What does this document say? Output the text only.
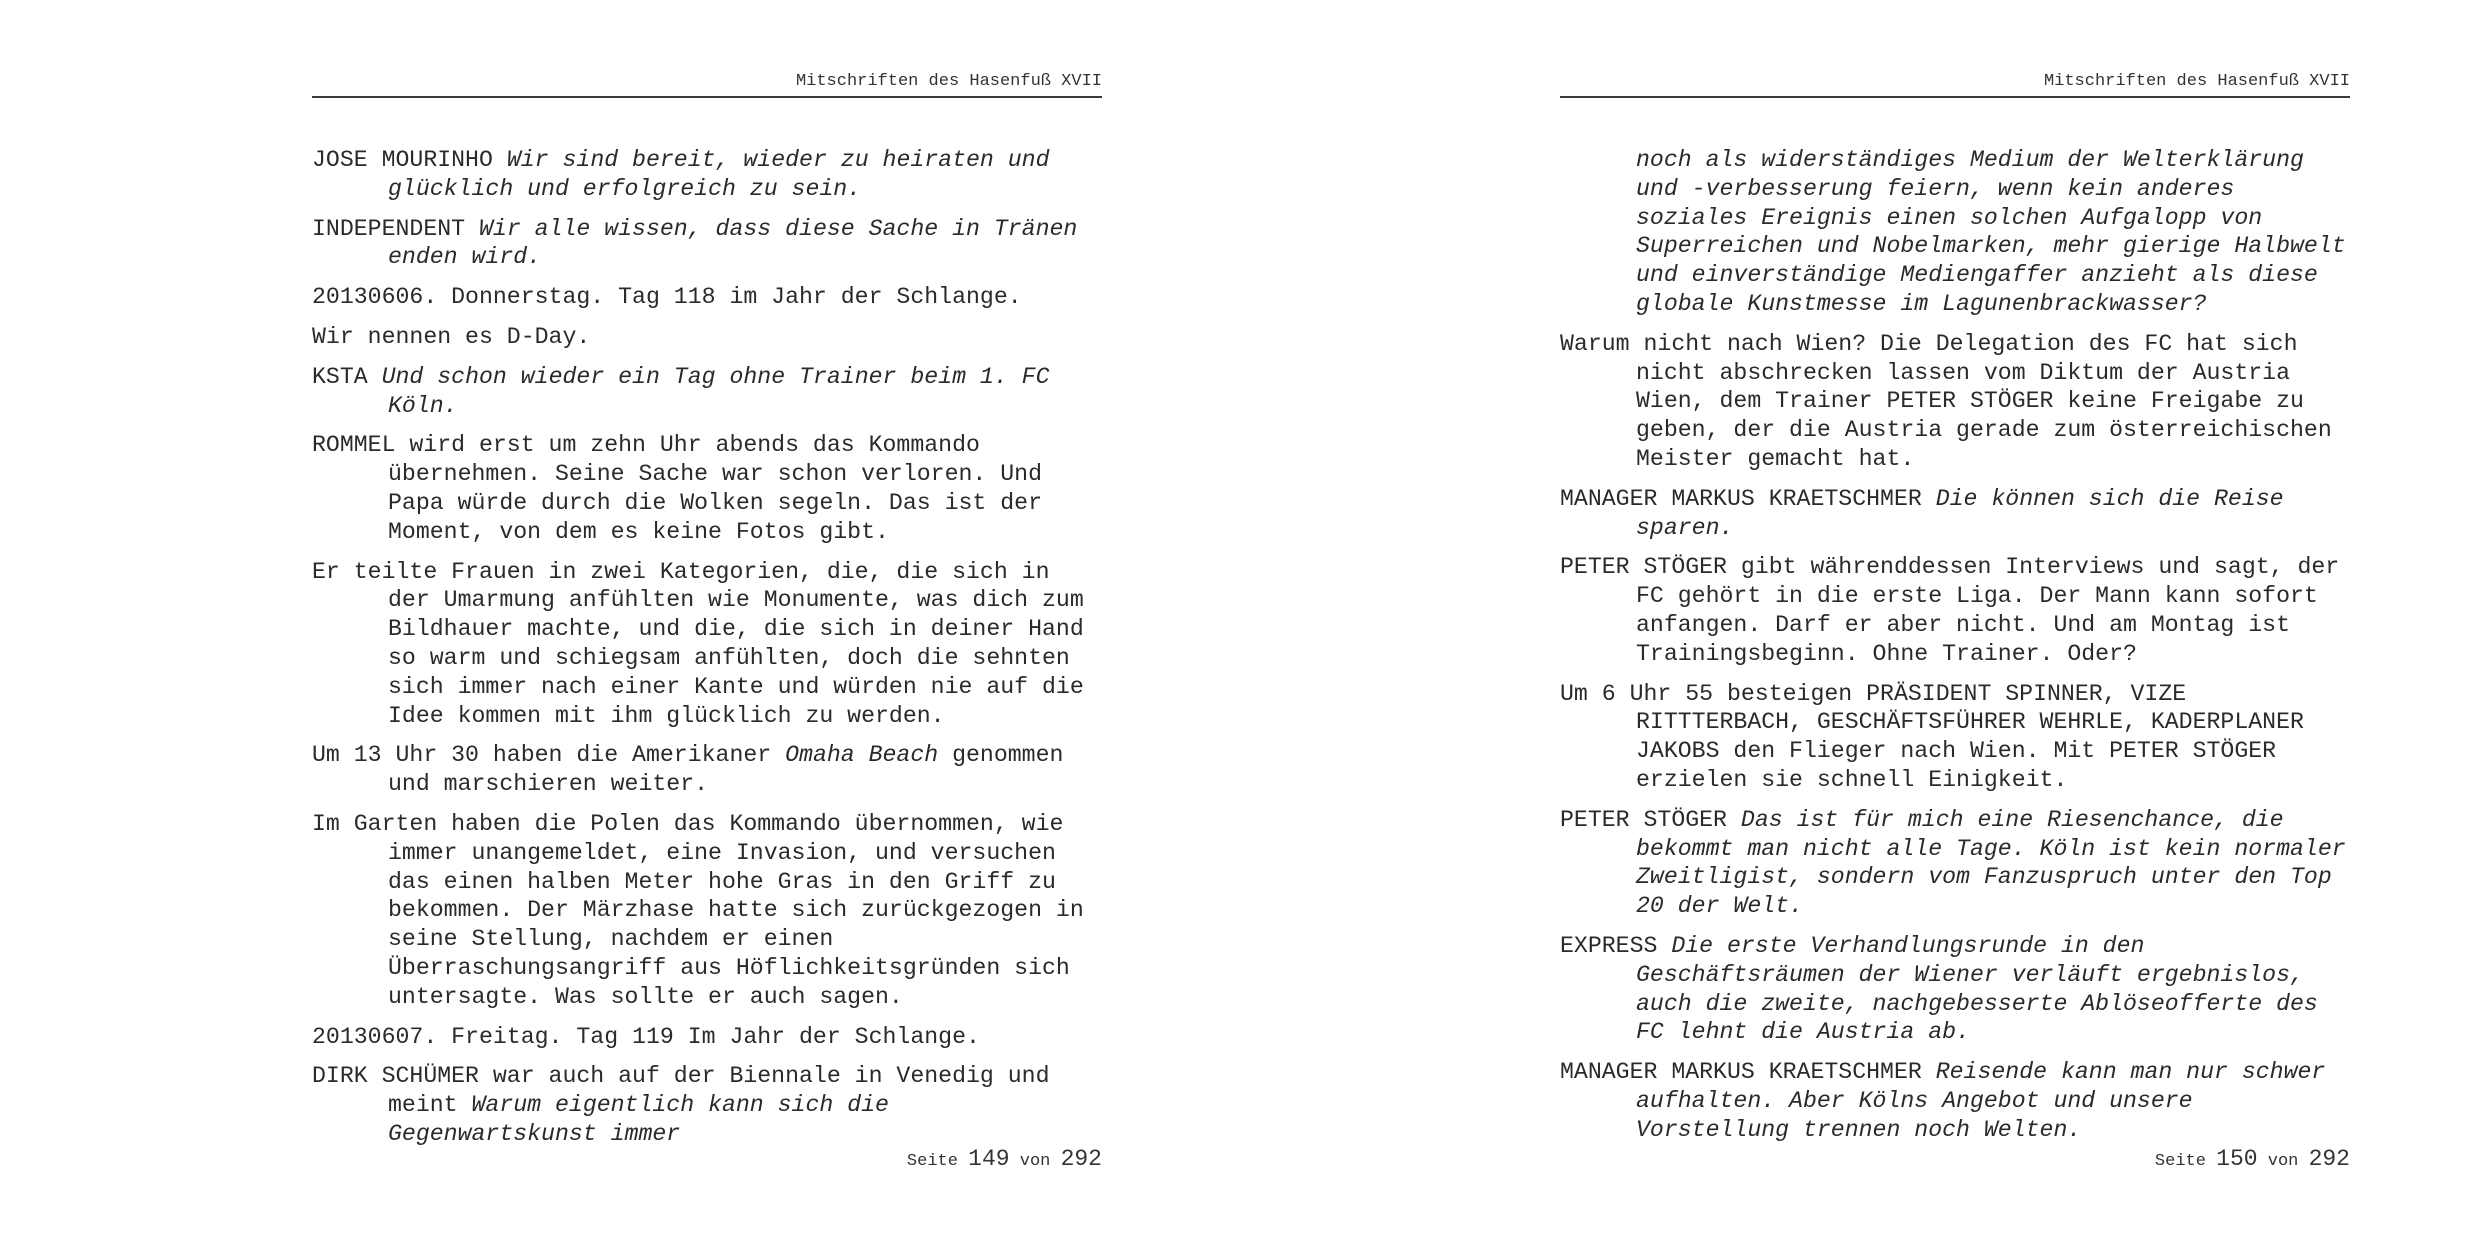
Mitschriften des Hasenfuß XVII

JOSE MOURINHO Wir sind bereit, wieder zu heiraten und glücklich und erfolgreich zu sein.

INDEPENDENT Wir alle wissen, dass diese Sache in Tränen enden wird.

20130606. Donnerstag. Tag 118 im Jahr der Schlange.

Wir nennen es D-Day.

KSTA Und schon wieder ein Tag ohne Trainer beim 1. FC Köln.

ROMMEL wird erst um zehn Uhr abends das Kommando übernehmen. Seine Sache war schon verloren. Und Papa würde durch die Wolken segeln. Das ist der Moment, von dem es keine Fotos gibt.

Er teilte Frauen in zwei Kategorien, die, die sich in der Umarmung anfühlten wie Monumente, was dich zum Bildhauer machte, und die, die sich in deiner Hand so warm und schiegsam anfühlten, doch die sehnten sich immer nach einer Kante und würden nie auf die Idee kommen mit ihm glücklich zu werden.

Um 13 Uhr 30 haben die Amerikaner Omaha Beach genommen und marschieren weiter.

Im Garten haben die Polen das Kommando übernommen, wie immer unangemeldet, eine Invasion, und versuchen das einen halben Meter hohe Gras in den Griff zu bekommen. Der Märzhase hatte sich zurückgezogen in seine Stellung, nachdem er einen Überraschungsangriff aus Höflichkeitsgründen sich untersagte. Was sollte er auch sagen.

20130607. Freitag. Tag 119 Im Jahr der Schlange.

DIRK SCHÜMER war auch auf der Biennale in Venedig und meint Warum eigentlich kann sich die Gegenwartskunst immer

Seite 149 von 292
Mitschriften des Hasenfuß XVII

noch als widerständiges Medium der Welterklärung und -verbesserung feiern, wenn kein anderes soziales Ereignis einen solchen Aufgalopp von Superreichen und Nobelmarken, mehr gierige Halbwelt und einverständige Mediengaffer anzieht als diese globale Kunstmesse im Lagunenbrackwasser?

Warum nicht nach Wien? Die Delegation des FC hat sich nicht abschrecken lassen vom Diktum der Austria Wien, dem Trainer PETER STÖGER keine Freigabe zu geben, der die Austria gerade zum österreichischen Meister gemacht hat.

MANAGER MARKUS KRAETSCHMER Die können sich die Reise sparen.

PETER STÖGER gibt währenddessen Interviews und sagt, der FC gehört in die erste Liga. Der Mann kann sofort anfangen. Darf er aber nicht. Und am Montag ist Trainingsbeginn. Ohne Trainer. Oder?

Um 6 Uhr 55 besteigen PRÄSIDENT SPINNER, VIZE RITTTERBACH, GESCHÄFTSFÜHRER WEHRLE, KADERPLANER JAKOBS den Flieger nach Wien. Mit PETER STÖGER erzielen sie schnell Einigkeit.

PETER STÖGER Das ist für mich eine Riesenchance, die bekommt man nicht alle Tage. Köln ist kein normaler Zweitligist, sondern vom Fanzuspruch unter den Top 20 der Welt.

EXPRESS Die erste Verhandlungsrunde in den Geschäftsräumen der Wiener verläuft ergebnislos, auch die zweite, nachgebesserte Ablöseofferte des FC lehnt die Austria ab.

MANAGER MARKUS KRAETSCHMER Reisende kann man nur schwer aufhalten. Aber Kölns Angebot und unsere Vorstellung trennen noch Welten.

Seite 150 von 292
